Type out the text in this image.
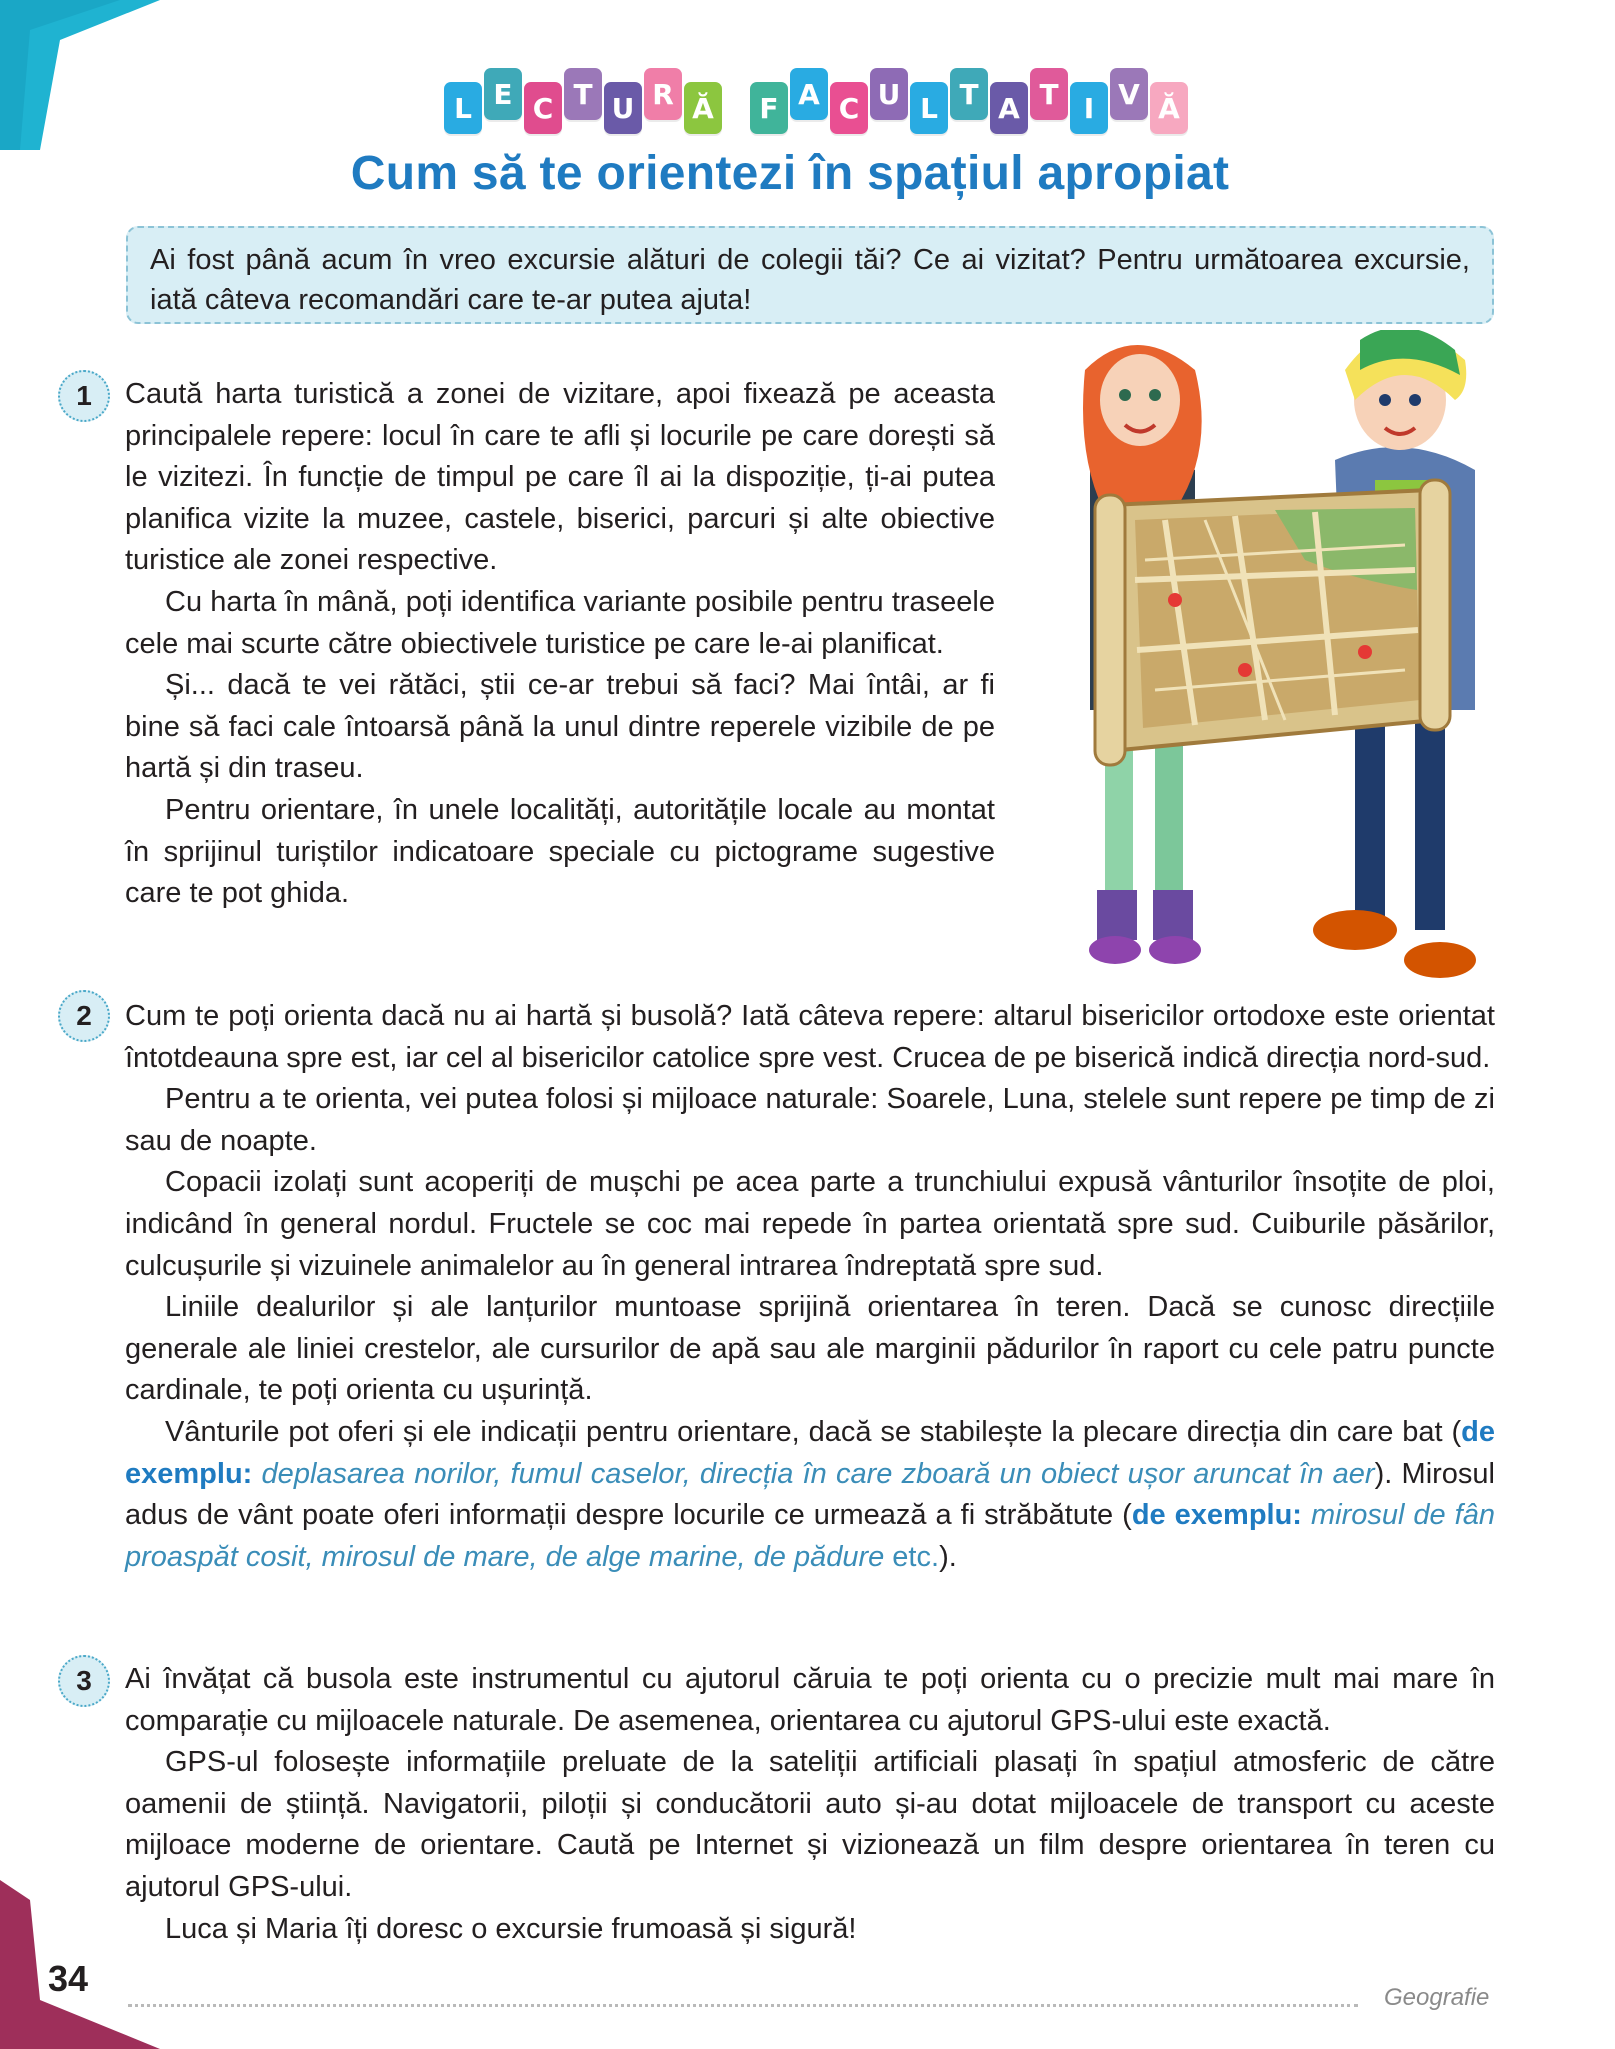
L E C T U R Ă	F A C U L T A T I V Ă
Cum să te orientezi în spațiul apropiat
Ai fost până acum în vreo excursie alături de colegii tăi? Ce ai vizitat? Pentru următoarea excursie, iată câteva recomandări care te-ar putea ajuta!
1	Caută harta turistică a zonei de vizitare, apoi fixează pe aceasta principalele repere: locul în care te afli și locurile pe care dorești să le vizitezi. În funcție de timpul pe care îl ai la dispoziție, ți-ai putea planifica vizite la muzee, castele, biserici, parcuri și alte obiective turistice ale zonei respective.

Cu harta în mână, poți identifica variante posibile pentru traseele cele mai scurte către obiectivele turistice pe care le-ai planificat.

Și... dacă te vei rătăci, știi ce-ar trebui să faci? Mai întâi, ar fi bine să faci cale întoarsă până la unul dintre reperele vizibile de pe hartă și din traseu.

Pentru orientare, în unele localități, autoritățile locale au montat în sprijinul turiștilor indicatoare speciale cu pictograme sugestive care te pot ghida.

2	Cum te poți orienta dacă nu ai hartă și busolă? Iată câteva repere: altarul bisericilor ortodoxe este orientat întotdeauna spre est, iar cel al bisericilor catolice spre vest. Crucea de pe biserică indică direcția nord-sud.

Pentru a te orienta, vei putea folosi și mijloace naturale: Soarele, Luna, stelele sunt repere pe timp de zi sau de noapte.

Copacii izolați sunt acoperiți de mușchi pe acea parte a trunchiului expusă vânturilor însoțite de ploi, indicând în general nordul. Fructele se coc mai repede în partea orientată spre sud. Cuiburile păsărilor, culcușurile și vizuinele animalelor au în general intrarea îndreptată spre sud.

Liniile dealurilor și ale lanțurilor muntoase sprijină orientarea în teren. Dacă se cunosc direcțiile generale ale liniei crestelor, ale cursurilor de apă sau ale marginii pădurilor în raport cu cele patru puncte cardinale, te poți orienta cu ușurință.

Vânturile pot oferi și ele indicații pentru orientare, dacă se stabilește la plecare direcția din care bat (de exemplu: deplasarea norilor, fumul caselor, direcția în care zboară un obiect ușor aruncat în aer). Mirosul adus de vânt poate oferi informații despre locurile ce urmează a fi străbătute (de exemplu: mirosul de fân proaspăt cosit, mirosul de mare, de alge marine, de pădure etc.).

3	Ai învățat că busola este instrumentul cu ajutorul căruia te poți orienta cu o precizie mult mai mare în comparație cu mijloacele naturale. De asemenea, orientarea cu ajutorul GPS-ului este exactă.

GPS-ul folosește informațiile preluate de la sateliții artificiali plasați în spațiul atmosferic de către oamenii de știință. Navigatorii, piloții și conducătorii auto și-au dotat mijloacele de transport cu aceste mijloace moderne de orientare. Caută pe Internet și vizionează un film despre orientarea în teren cu ajutorul GPS-ului.

Luca și Maria îți doresc o excursie frumoasă și sigură!

34	Geografie
